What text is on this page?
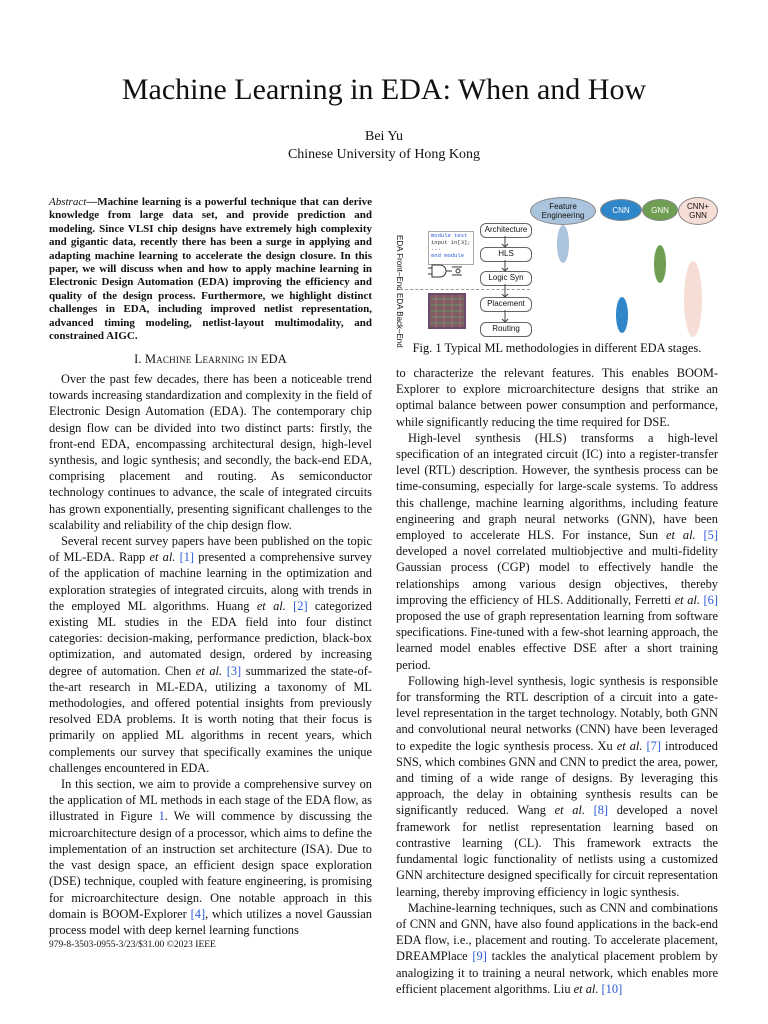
Machine Learning in EDA: When and How
Bei Yu
Chinese University of Hong Kong
Abstract—Machine learning is a powerful technique that can derive knowledge from large data set, and provide prediction and modeling. Since VLSI chip designs have extremely high complexity and gigantic data, recently there has been a surge in applying and adapting machine learning to accelerate the design closure. In this paper, we will discuss when and how to apply machine learning in Electronic Design Automation (EDA) improving the efficiency and quality of the design process. Furthermore, we highlight distinct challenges in EDA, including improved netlist representation, advanced timing modeling, netlist-layout multimodality, and constrained AIGC.
I. Machine Learning in EDA

Over the past few decades, there has been a noticeable trend towards increasing standardization and complexity in the field of Electronic Design Automation (EDA). The contemporary chip design flow can be divided into two distinct parts: firstly, the front-end EDA, encompassing architectural design, high-level synthesis, and logic synthesis; and secondly, the back-end EDA, comprising placement and routing. As semiconductor technology continues to advance, the scale of integrated circuits has grown exponentially, presenting significant challenges to the scalability and reliability of the chip design flow.

Several recent survey papers have been published on the topic of ML-EDA. Rapp et al. [1] presented a comprehensive survey of the application of machine learning in the optimization and exploration strategies of integrated circuits, along with trends in the employed ML algorithms. Huang et al. [2] categorized existing ML studies in the EDA field into four distinct categories: decision-making, performance prediction, black-box optimization, and automated design, ordered by increasing degree of automation. Chen et al. [3] summarized the state-of-the-art research in ML-EDA, utilizing a taxonomy of ML methodologies, and offered potential insights from previously resolved EDA problems. It is worth noting that their focus is primarily on applied ML algorithms in recent years, which complements our survey that specifically examines the unique challenges encountered in EDA.

In this section, we aim to provide a comprehensive survey on the application of ML methods in each stage of the EDA flow, as illustrated in Figure 1. We will commence by discussing the microarchitecture design of a processor, which aims to define the implementation of an instruction set architecture (ISA). Due to the vast design space, an efficient design space exploration (DSE) technique, coupled with feature engineering, is promising for microarchitecture design. One notable approach in this domain is BOOM-Explorer [4], which utilizes a novel Gaussian process model with deep kernel learning functions

to characterize the relevant features. This enables BOOM-Explorer to explore microarchitecture designs that strike an optimal balance between power consumption and performance, while significantly reducing the time required for DSE.

High-level synthesis (HLS) transforms a high-level specification of an integrated circuit (IC) into a register-transfer level (RTL) description. However, the synthesis process can be time-consuming, especially for large-scale systems. To address this challenge, machine learning algorithms, including feature engineering and graph neural networks (GNN), have been employed to accelerate HLS. For instance, Sun et al. [5] developed a novel correlated multiobjective and multi-fidelity Gaussian process (CGP) model to effectively handle the relationships among various design objectives, thereby improving the efficiency of HLS. Additionally, Ferretti et al. [6] proposed the use of graph representation learning from software specifications. Fine-tuned with a few-shot learning approach, the learned model enables effective DSE after a short training period.

Following high-level synthesis, logic synthesis is responsible for transforming the RTL description of a circuit into a gate-level representation in the target technology. Notably, both GNN and convolutional neural networks (CNN) have been leveraged to expedite the logic synthesis process. Xu et al. [7] introduced SNS, which combines GNN and CNN to predict the area, power, and timing of a wide range of designs. By leveraging this approach, the delay in obtaining synthesis results can be significantly reduced. Wang et al. [8] developed a novel framework for netlist representation learning based on contrastive learning (CL). This framework extracts the fundamental logic functionality of netlists using a customized GNN architecture designed specifically for circuit representation learning, thereby improving efficiency in logic synthesis.

Machine-learning techniques, such as CNN and combinations of CNN and GNN, have also found applications in the back-end EDA flow, i.e., placement and routing. To accelerate placement, DREAMPlace [9] tackles the analytical placement problem by analogizing it to training a neural network, which enables more efficient placement algorithms. Liu et al. [10]

Feature Engineering
CNN	GNN	CNN+ GNN
EDA Front–End
EDA Back–End
module test
input in[3];
...
end module
Architecture
HLS
Logic Syn
Placement
Routing
Fig. 1 Typical ML methodologies in different EDA stages.
979-8-3503-0955-3/23/$31.00 ©2023 IEEE
